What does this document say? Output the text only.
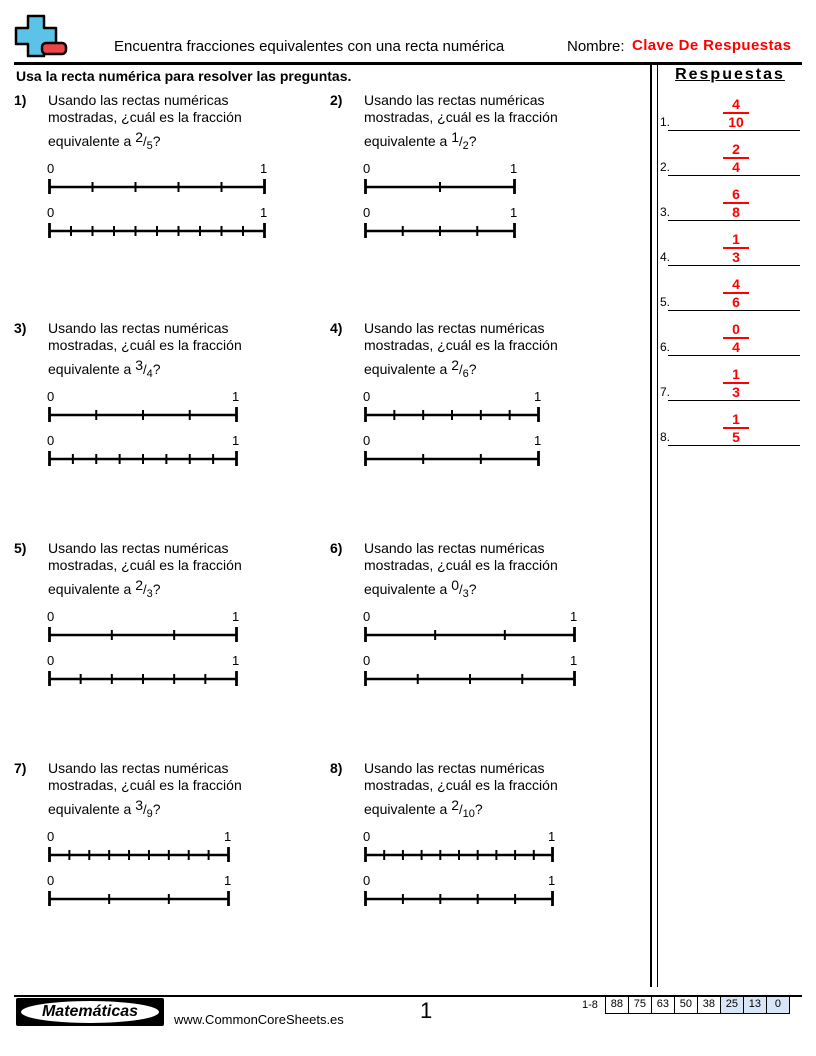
Encuentra fracciones equivalentes con una recta numérica	Nombre: Clave De Respuestas
Usa la recta numérica para resolver las preguntas.	Respuestas
1.
4
10
2.
2
4
3.
6
8
4.
1
3
5.
4
6
6.
0
4
7.
1
3
8.
1
5
1) Usando las rectas numéricas
mostradas, ¿cuál es la fracción
equivalente a $2/_5$?
0	1
0	1
2) Usando las rectas numéricas
mostradas, ¿cuál es la fracción
equivalente a $1/_2$?
0	1
0	1
3) Usando las rectas numéricas
mostradas, ¿cuál es la fracción
equivalente a $3/_4$?
0	1
0	1
4) Usando las rectas numéricas
mostradas, ¿cuál es la fracción
equivalente a $2/_6$?
0	1
0	1
5) Usando las rectas numéricas
mostradas, ¿cuál es la fracción
equivalente a $2/_3$?
0	1
0	1
6) Usando las rectas numéricas
mostradas, ¿cuál es la fracción
equivalente a $0/_3$?
0	1
0	1
7) Usando las rectas numéricas
mostradas, ¿cuál es la fracción
equivalente a $3/_9$?
0	1
0	1
8) Usando las rectas numéricas
mostradas, ¿cuál es la fracción
equivalente a $2/_{10}$?
0	1
0	1
Matemáticas	www.CommonCoreSheets.es	1	1-8	88 75 63 50 38 25 13	0
